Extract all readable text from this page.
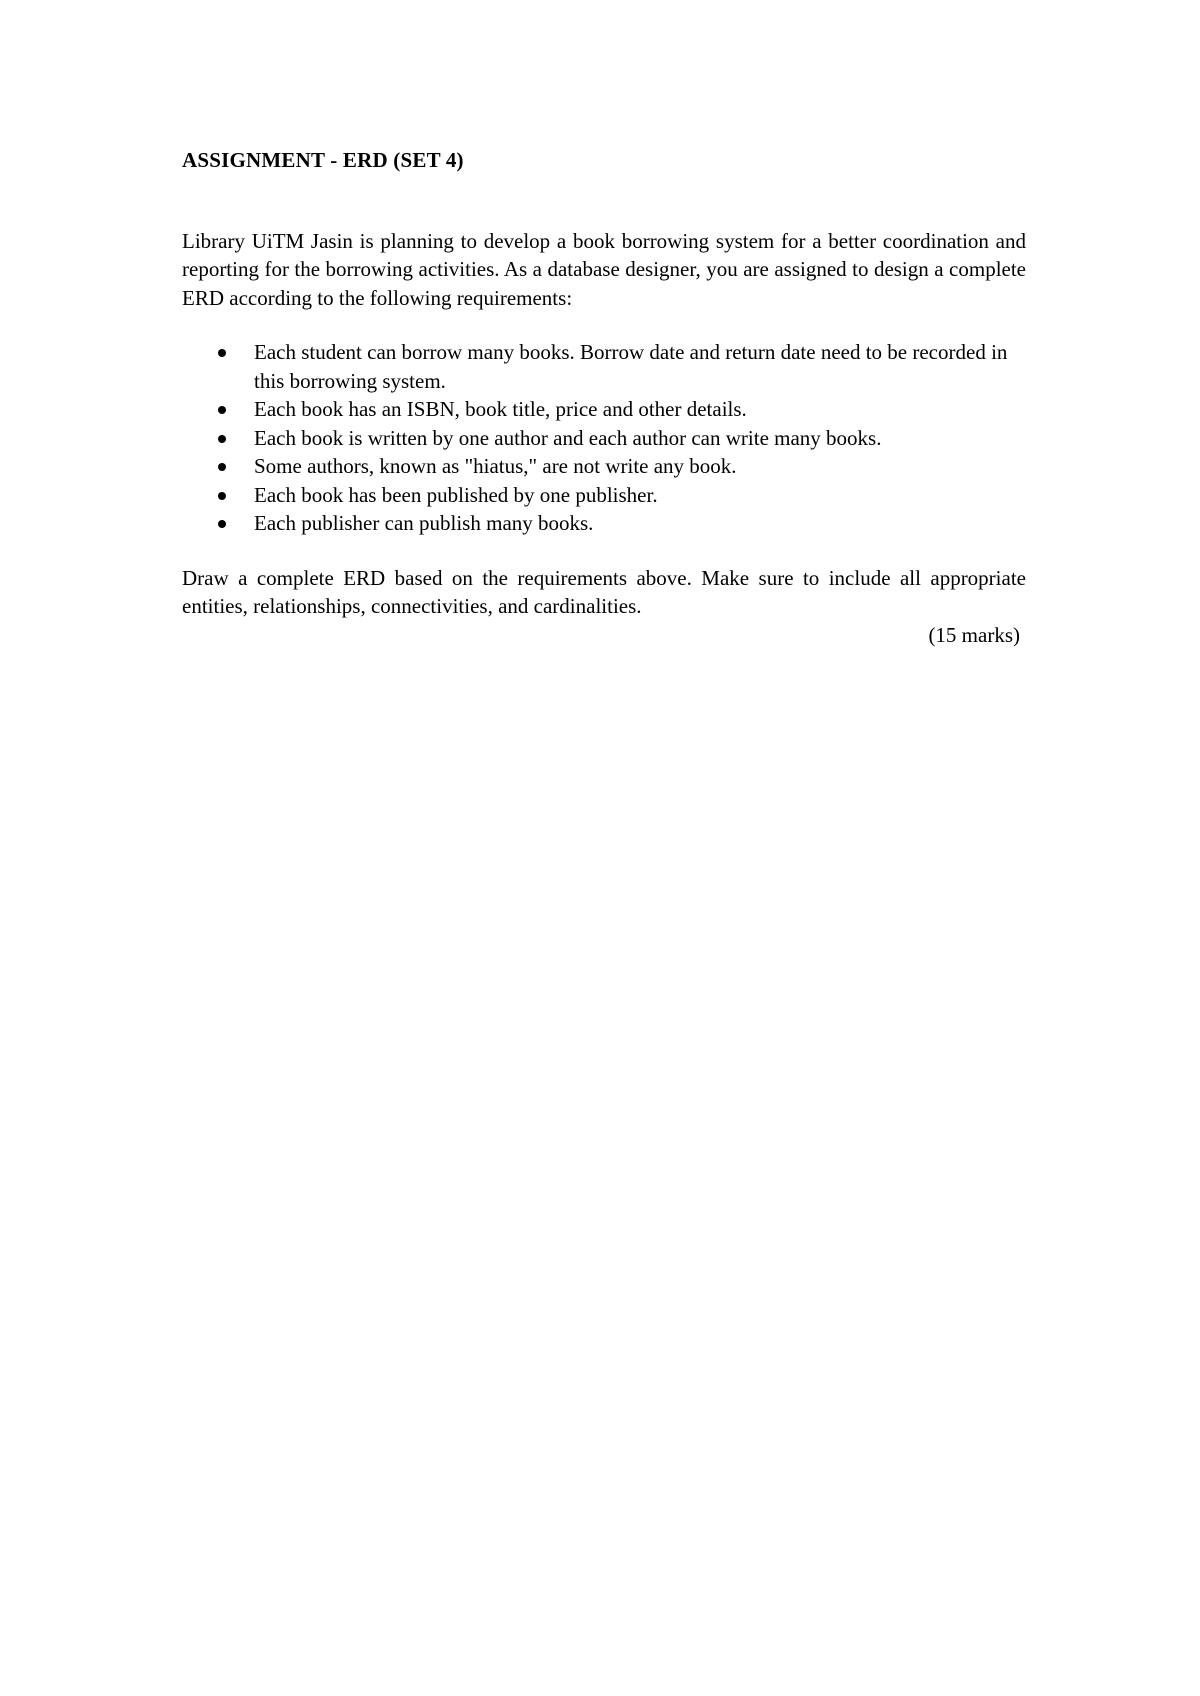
ASSIGNMENT - ERD (SET 4)

Library UiTM Jasin is planning to develop a book borrowing system for a better coordination and reporting for the borrowing activities. As a database designer, you are assigned to design a complete ERD according to the following requirements:

Each student can borrow many books. Borrow date and return date need to be recorded in this borrowing system.
Each book has an ISBN, book title, price and other details.
Each book is written by one author and each author can write many books.
Some authors, known as "hiatus," are not write any book.
Each book has been published by one publisher.
Each publisher can publish many books.

Draw a complete ERD based on the requirements above. Make sure to include all appropriate entities, relationships, connectivities, and cardinalities.

(15 marks)
